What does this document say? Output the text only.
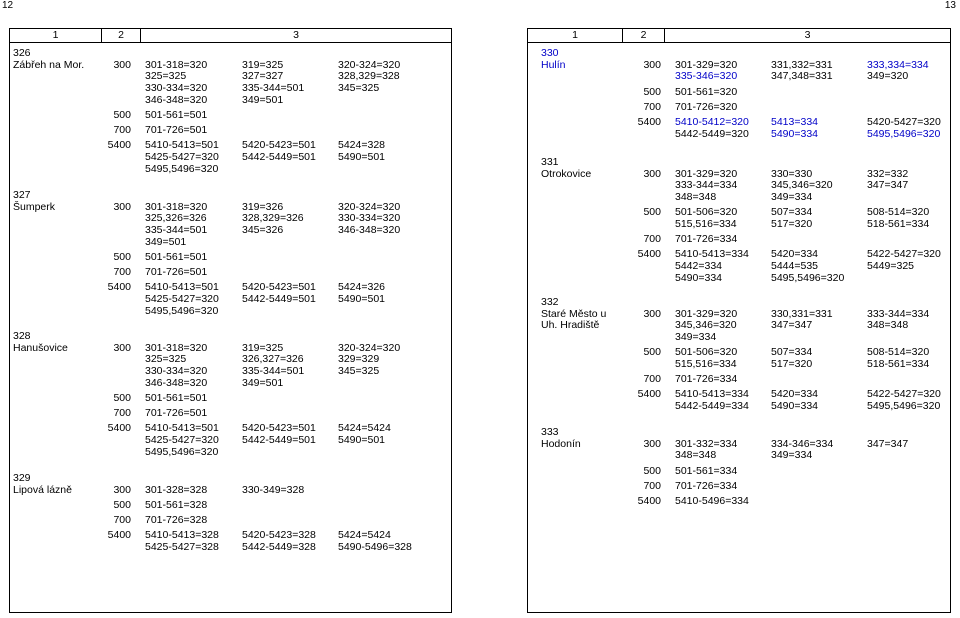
12	13
1	2	3
326
Zábřeh na Mor.	300 301-318=320	319=325	320-324=320
325=325	327=327	328,329=328
330-334=320	335-344=501	345=325
346-348=320	349=501
500 501-561=501
700 701-726=501
5400 5410-5413=501 5420-5423=501 5424=328
5425-5427=320 5442-5449=501 5490=501
5495,5496=320
327
Šumperk	300 301-318=320	319=326	320-324=320
325,326=326	328,329=326	330-334=320
335-344=501	345=326	346-348=320
349=501
500 501-561=501
700 701-726=501
5400 5410-5413=501 5420-5423=501 5424=326
5425-5427=320 5442-5449=501 5490=501
5495,5496=320
328
Hanušovice	300 301-318=320	319=325	320-324=320
325=325	326,327=326	329=329
330-334=320	335-344=501	345=325
346-348=320	349=501
500 501-561=501
700 701-726=501
5400 5410-5413=501 5420-5423=501 5424=5424
5425-5427=320 5442-5449=501 5490=501
5495,5496=320
329
Lipová lázně	300 301-328=328	330-349=328
500 501-561=328
700 701-726=328
5400 5410-5413=328 5420-5423=328 5424=5424
5425-5427=328 5442-5449=328 5490-5496=328
1	2	3
330
Hulín	300 301-329=320	331,332=331	333,334=334
335-346=320	347,348=331	349=320
500 501-561=320
700 701-726=320
5400 5410-5412=320 5413=334	5420-5427=320
5442-5449=320 5490=334	5495,5496=320
331
Otrokovice	300 301-329=320	330=330	332=332
333-344=334	345,346=320	347=347
348=348	349=334
500 501-506=320	507=334	508-514=320
515,516=334	517=320	518-561=334
700 701-726=334
5400 5410-5413=334 5420=334	5422-5427=320
5442=334	5444=535	5449=325
5490=334	5495,5496=320
332
Staré Město u
Uh. Hradiště
300 301-329=320	330,331=331	333-344=334
345,346=320	347=347	348=348
349=334
500 501-506=320	507=334	508-514=320
515,516=334	517=320	518-561=334
700 701-726=334
5400 5410-5413=334 5420=334	5422-5427=320
5442-5449=334 5490=334	5495,5496=320
333
Hodonín	300 301-332=334	334-346=334	347=347
348=348	349=334
500 501-561=334
700 701-726=334
5400 5410-5496=334
